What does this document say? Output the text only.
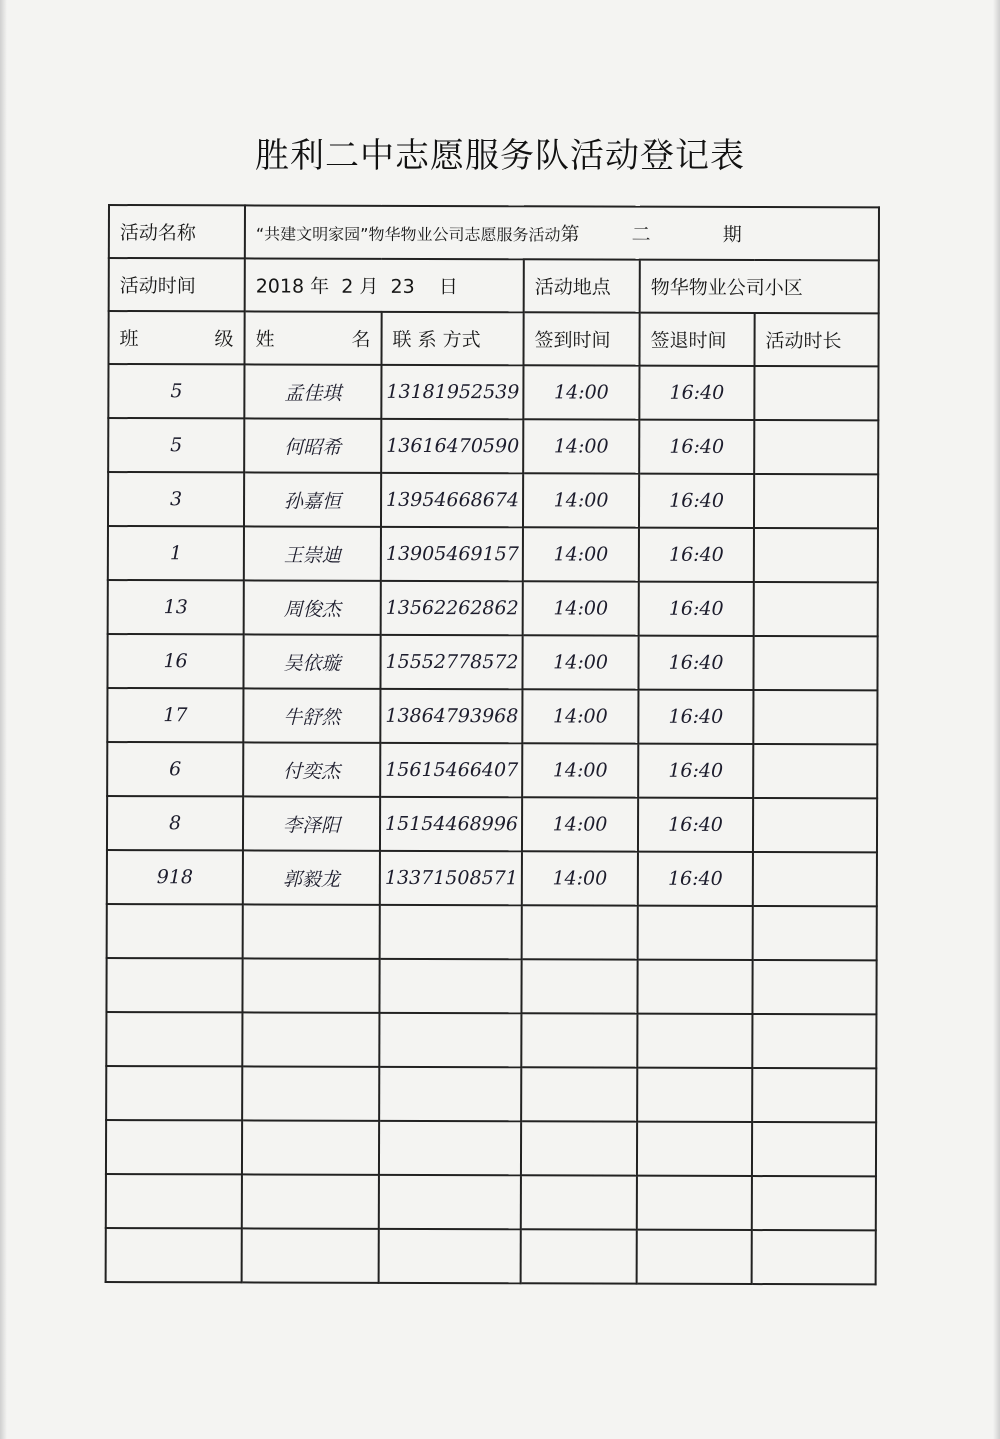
胜利二中志愿服务队活动登记表
活动名称	“共建文明家园”物华物业公司志愿服务活动第 二 期				
活动时间	2018 年 2 月 23 日		活动地点	物华物业公司小区	

班 级	姓 名	联 系 方式	签到时间	签退时间	活动时长
5	孟佳琪	13181952539	14:00	16:40	
5	何昭希	13616470590	14:00	16:40	
3	孙嘉恒	13954668674	14:00	16:40	
1	王崇迪	13905469157	14:00	16:40	
13	周俊杰	13562262862	14:00	16:40	
16	吴依璇	15552778572	14:00	16:40	
17	牛舒然	13864793968	14:00	16:40	
6	付奕杰	15615466407	14:00	16:40	
8	李泽阳	15154468996	14:00	16:40	
918	郭毅龙	13371508571	14:00	16:40	
